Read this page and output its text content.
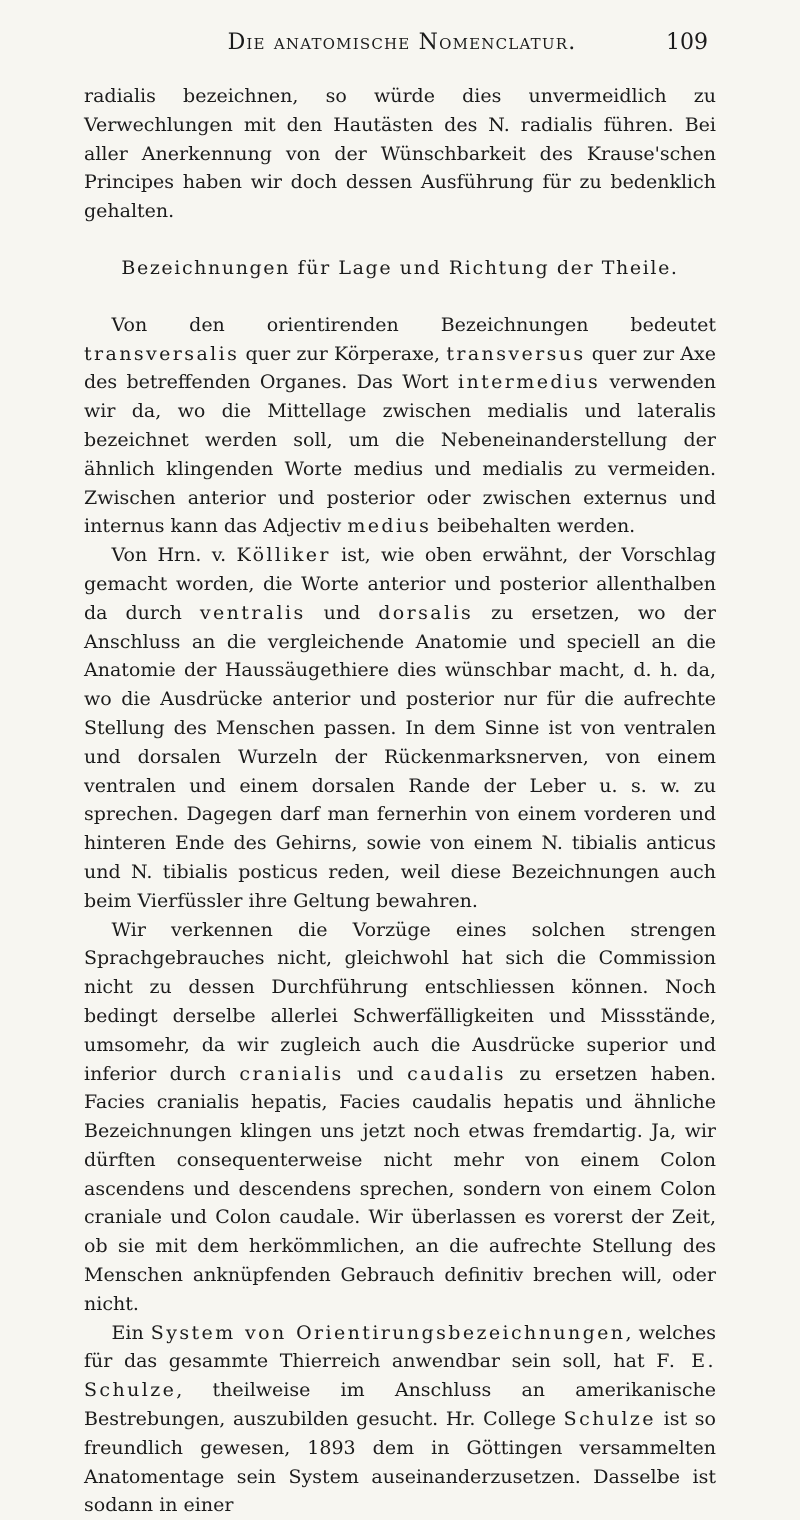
Die anatomische Nomenclatur.	109

radialis bezeichnen, so würde dies unvermeidlich zu Verwechlungen mit den Hautästen des N. radialis führen. Bei aller Anerkennung von der Wünschbarkeit des Krause'schen Principes haben wir doch dessen Ausführung für zu bedenklich gehalten.

Bezeichnungen für Lage und Richtung der Theile.

Von den orientirenden Bezeichnungen bedeutet transversalis quer zur Körperaxe, transversus quer zur Axe des betreffenden Organes. Das Wort intermedius verwenden wir da, wo die Mittellage zwischen medialis und lateralis bezeichnet werden soll, um die Nebeneinanderstellung der ähnlich klingenden Worte medius und medialis zu vermeiden. Zwischen anterior und posterior oder zwischen externus und internus kann das Adjectiv medius beibehalten werden.

Von Hrn. v. Kölliker ist, wie oben erwähnt, der Vorschlag gemacht worden, die Worte anterior und posterior allenthalben da durch ventralis und dorsalis zu ersetzen, wo der Anschluss an die vergleichende Anatomie und speciell an die Anatomie der Haussäugethiere dies wünschbar macht, d. h. da, wo die Ausdrücke anterior und posterior nur für die aufrechte Stellung des Menschen passen. In dem Sinne ist von ventralen und dorsalen Wurzeln der Rückenmarksnerven, von einem ventralen und einem dorsalen Rande der Leber u. s. w. zu sprechen. Dagegen darf man fernerhin von einem vorderen und hinteren Ende des Gehirns, sowie von einem N. tibialis anticus und N. tibialis posticus reden, weil diese Bezeichnungen auch beim Vierfüssler ihre Geltung bewahren.

Wir verkennen die Vorzüge eines solchen strengen Sprachgebrauches nicht, gleichwohl hat sich die Commission nicht zu dessen Durchführung entschliessen können. Noch bedingt derselbe allerlei Schwerfälligkeiten und Missstände, umsomehr, da wir zugleich auch die Ausdrücke superior und inferior durch cranialis und caudalis zu ersetzen haben. Facies cranialis hepatis, Facies caudalis hepatis und ähnliche Bezeichnungen klingen uns jetzt noch etwas fremdartig. Ja, wir dürften consequenterweise nicht mehr von einem Colon ascendens und descendens sprechen, sondern von einem Colon craniale und Colon caudale. Wir überlassen es vorerst der Zeit, ob sie mit dem herkömmlichen, an die aufrechte Stellung des Menschen anknüpfenden Gebrauch definitiv brechen will, oder nicht.

Ein System von Orientirungsbezeichnungen, welches für das gesammte Thierreich anwendbar sein soll, hat F. E. Schulze, theilweise im Anschluss an amerikanische Bestrebungen, auszubilden gesucht. Hr. College Schulze ist so freundlich gewesen, 1893 dem in Göttingen versammelten Anatomentage sein System auseinanderzusetzen. Dasselbe ist sodann in einer
